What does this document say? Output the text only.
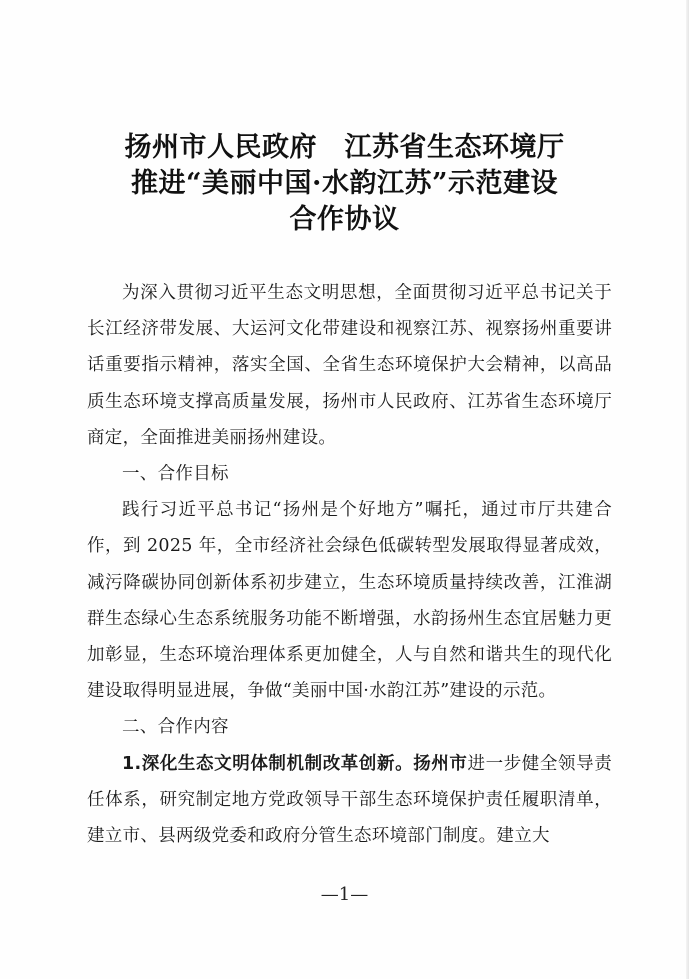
扬州市人民政府　江苏省生态环境厅
推进“美丽中国·水韵江苏”示范建设
合作协议

为深入贯彻习近平生态文明思想，全面贯彻习近平总书记关于长江经济带发展、大运河文化带建设和视察江苏、视察扬州重要讲话重要指示精神，落实全国、全省生态环境保护大会精神，以高品质生态环境支撑高质量发展，扬州市人民政府、江苏省生态环境厅商定，全面推进美丽扬州建设。

一、合作目标

践行习近平总书记“扬州是个好地方”嘱托，通过市厅共建合作，到 2025 年，全市经济社会绿色低碳转型发展取得显著成效，减污降碳协同创新体系初步建立，生态环境质量持续改善，江淮湖群生态绿心生态系统服务功能不断增强，水韵扬州生态宜居魅力更加彰显，生态环境治理体系更加健全，人与自然和谐共生的现代化建设取得明显进展，争做“美丽中国·水韵江苏”建设的示范。

二、合作内容

1.深化生态文明体制机制改革创新。扬州市进一步健全领导责任体系，研究制定地方党政领导干部生态环境保护责任履职清单，建立市、县两级党委和政府分管生态环境部门制度。建立大

—1—
